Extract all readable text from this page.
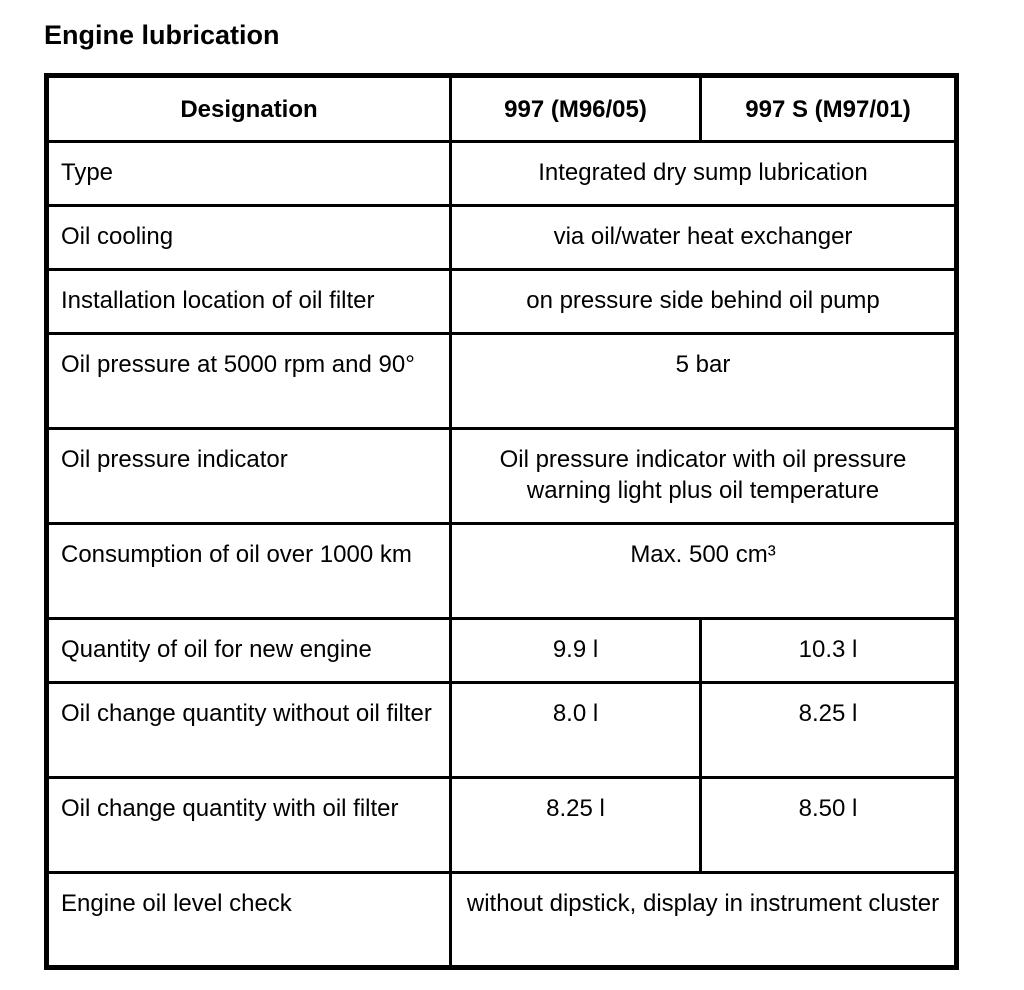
Engine lubrication
Designation	997 (M96/05)	997 S (M97/01)
Type	Integrated dry sump lubrication	
Oil cooling	via oil/water heat exchanger	
Installation location of oil filter	on pressure side behind oil pump	
Oil pressure at 5000 rpm and 90°	5 bar	
Oil pressure indicator	Oil pressure indicator with oil pressure warning light plus oil temperature	
Consumption of oil over 1000 km	Max. 500 cm³	
Quantity of oil for new engine	9.9 l	10.3 l
Oil change quantity without oil filter	8.0 l	8.25 l
Oil change quantity with oil filter	8.25 l	8.50 l
Engine oil level check	without dipstick, display in instrument cluster	
